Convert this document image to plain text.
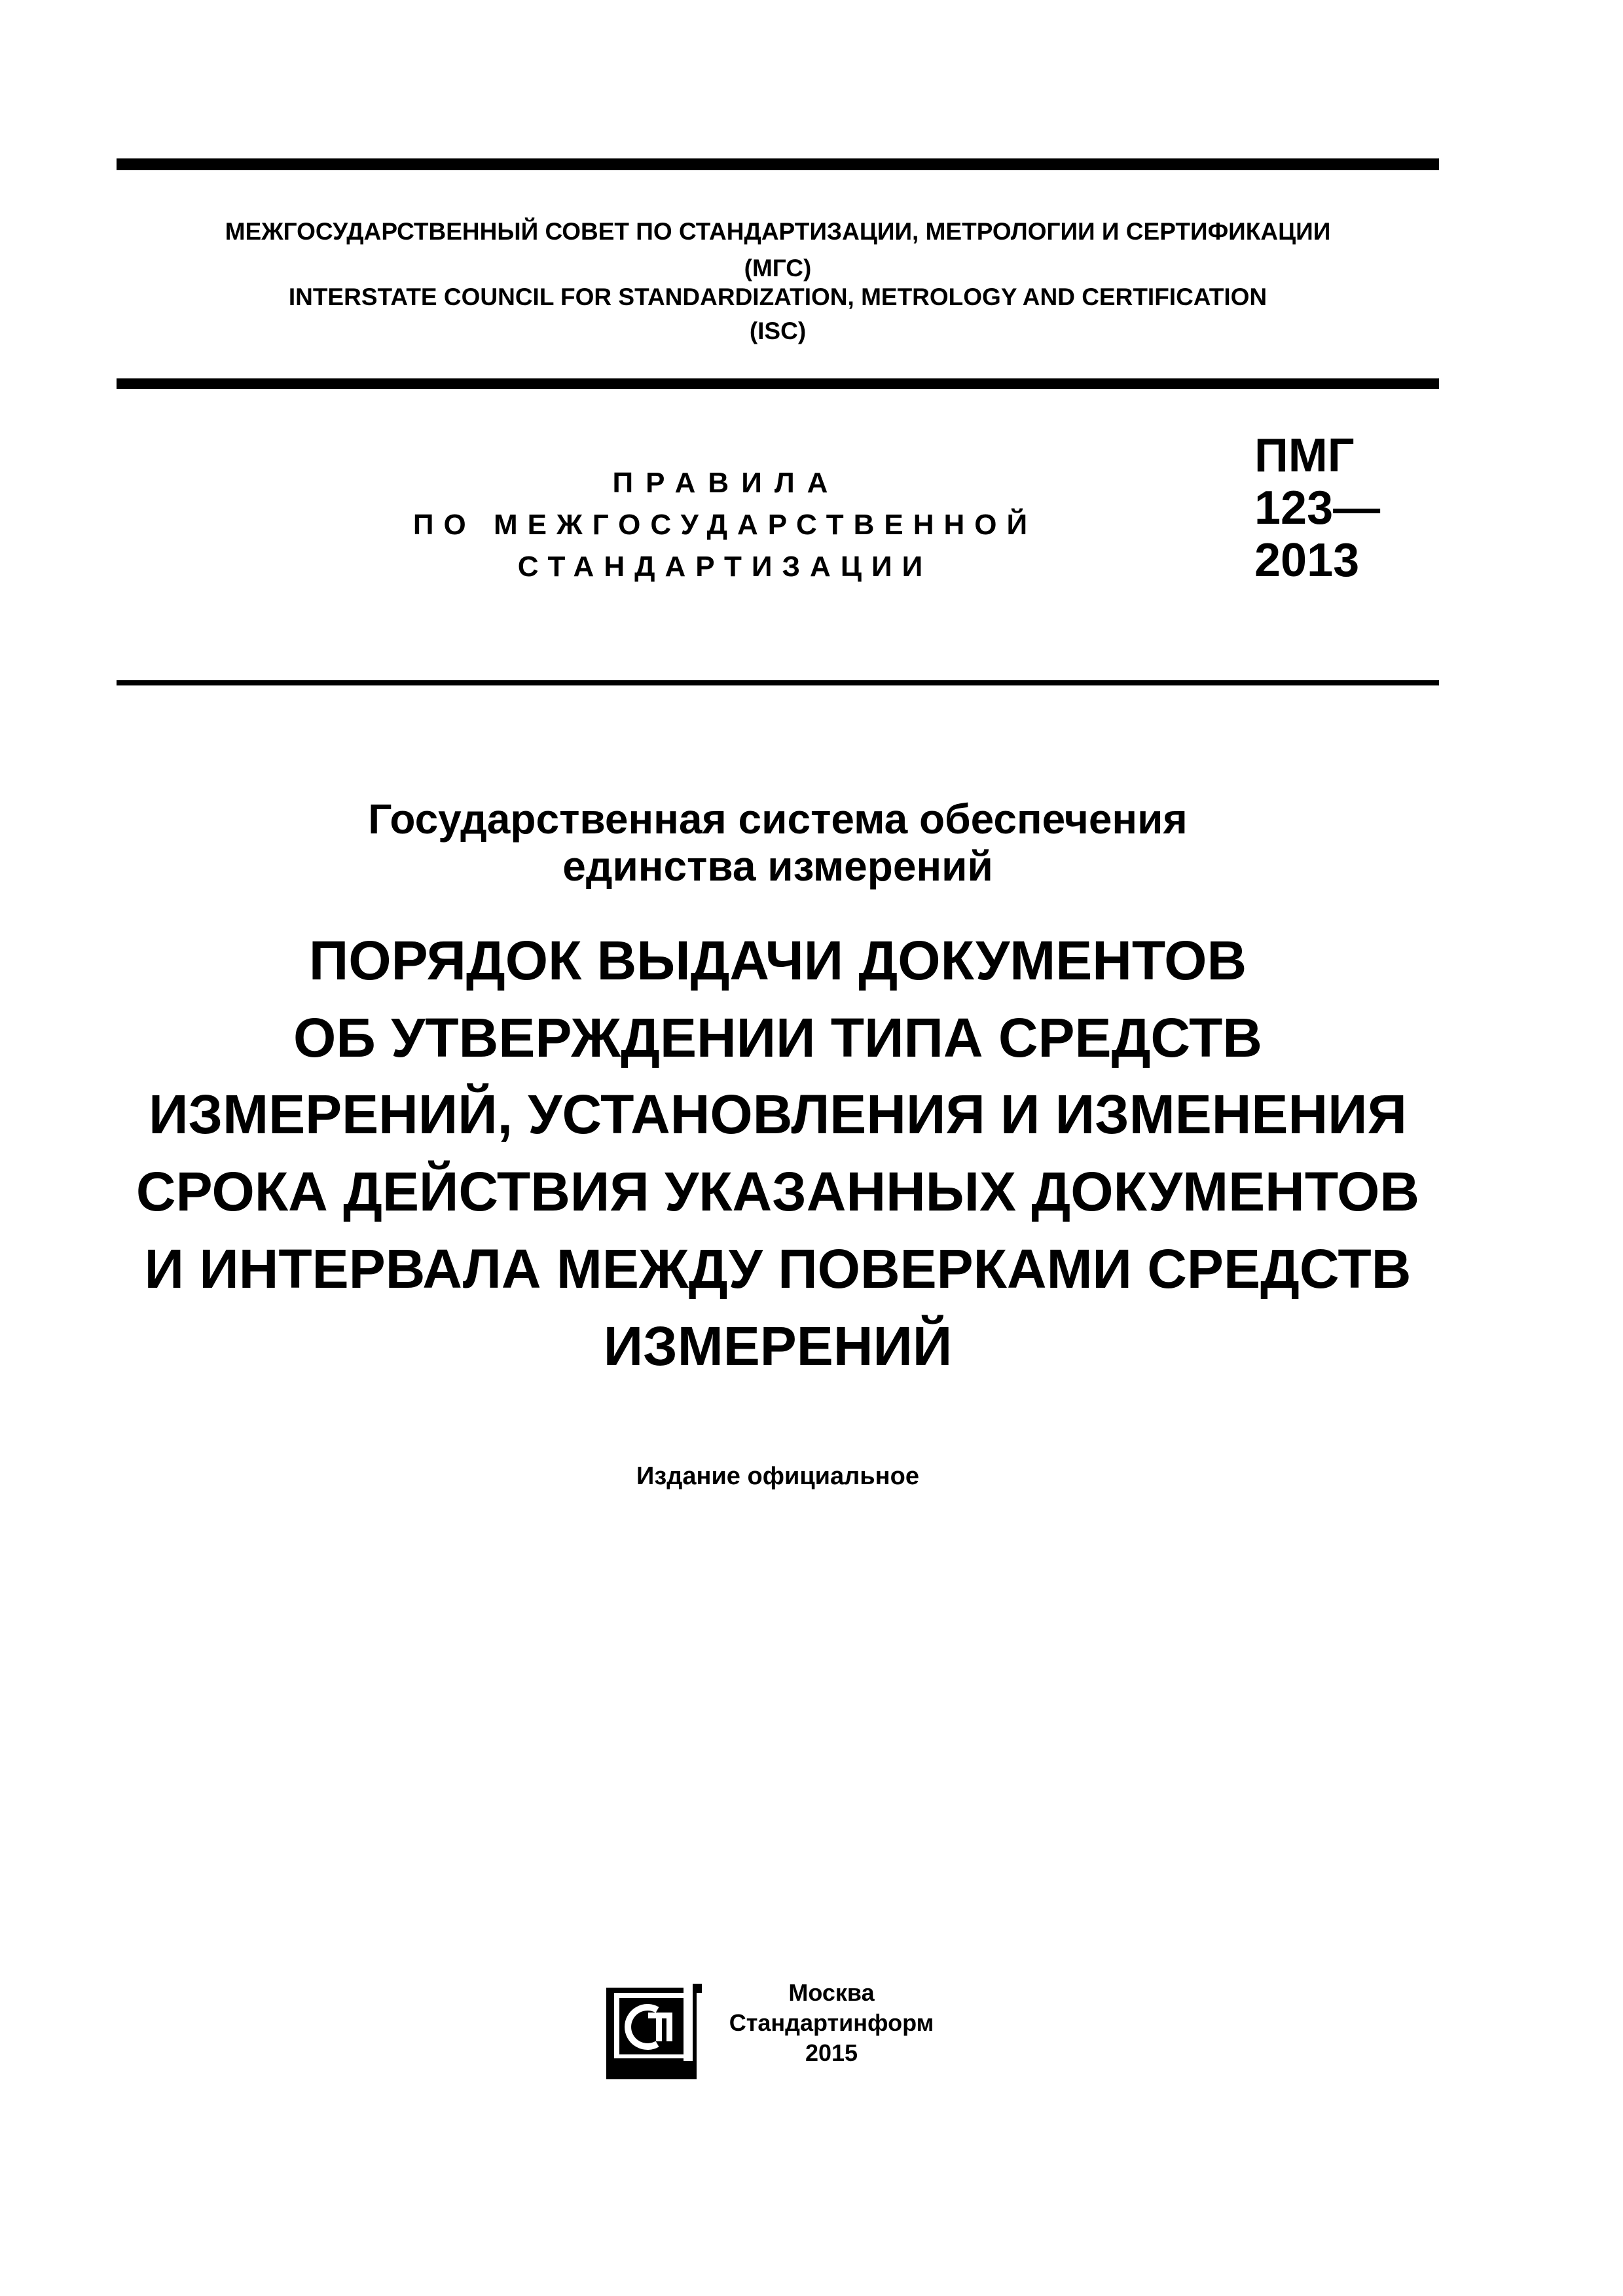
МЕЖГОСУДАРСТВЕННЫЙ СОВЕТ ПО СТАНДАРТИЗАЦИИ, МЕТРОЛОГИИ И СЕРТИФИКАЦИИ
(МГС)
INTERSTATE COUNCIL FOR STANDARDIZATION, METROLOGY AND CERTIFICATION
(ISC)
ПРАВИЛА
ПО МЕЖГОСУДАРСТВЕННОЙ
СТАНДАРТИЗАЦИИ
ПМГ
123—
2013
Государственная система обеспечения
единства измерений
ПОРЯДОК ВЫДАЧИ ДОКУМЕНТОВ
ОБ УТВЕРЖДЕНИИ ТИПА СРЕДСТВ
ИЗМЕРЕНИЙ, УСТАНОВЛЕНИЯ И ИЗМЕНЕНИЯ
СРОКА ДЕЙСТВИЯ УКАЗАННЫХ ДОКУМЕНТОВ
И ИНТЕРВАЛА МЕЖДУ ПОВЕРКАМИ СРЕДСТВ
ИЗМЕРЕНИЙ
Издание официальное
Москва
Стандартинформ
2015
